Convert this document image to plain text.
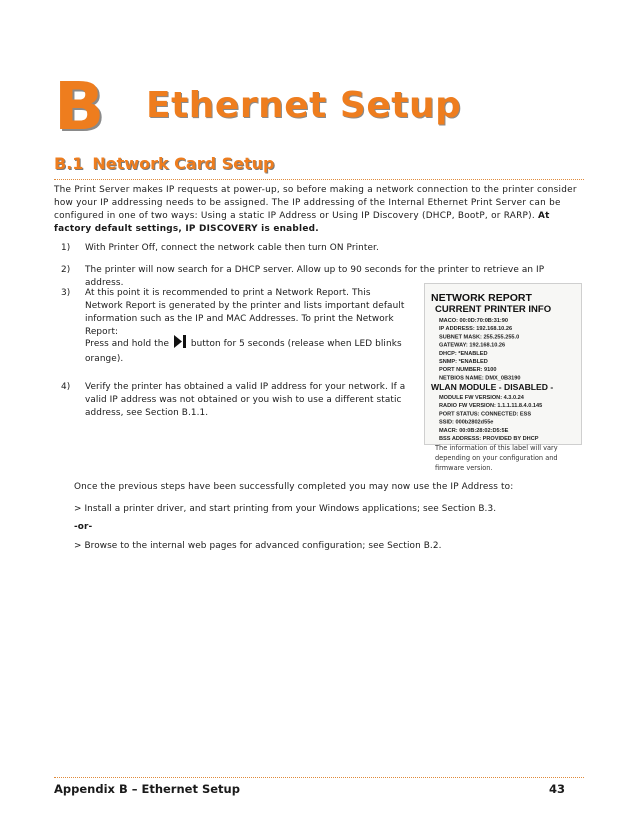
B Ethernet Setup
B.1 Network Card Setup
The Print Server makes IP requests at power-up, so before making a network connection to the printer consider how your IP addressing needs to be assigned. The IP addressing of the Internal Ethernet Print Server can be configured in one of two ways: Using a static IP Address or Using IP Discovery (DHCP, BootP, or RARP). At factory default settings, IP DISCOVERY is enabled.
1) With Printer Off, connect the network cable then turn ON Printer.
2) The printer will now search for a DHCP server. Allow up to 90 seconds for the printer to retrieve an IP address.
3) At this point it is recommended to print a Network Report. This Network Report is generated by the printer and lists important default information such as the IP and MAC Addresses. To print the Network Report:
Press and hold the button for 5 seconds (release when LED blinks orange).
NETWORK REPORT
CURRENT PRINTER INFO
MACO: 00:0D:70:0B:31:90
IP ADDRESS: 192.168.10.26
SUBNET MASK: 255.255.255.0
GATEWAY: 192.168.10.26
DHCP: *ENABLED
SNMP: *ENABLED
PORT NUMBER: 9100
NETBIOS NAME: DMX_0B3190
WLAN MODULE - DISABLED -
MODULE FW VERSION: 4.3.0.24
RADIO FW VERSION: 1.1.1.11.8.4.0.145
PORT STATUS: CONNECTED: ESS
SSID: 000b2802d55e
MACR: 00:0B:28:02:D5:5E
BSS ADDRESS: PROVIDED BY DHCP
The information of this label will vary depending on your configuration and firmware version.
4) Verify the printer has obtained a valid IP address for your network. If a valid IP address was not obtained or you wish to use a different static address, see Section B.1.1.
Once the previous steps have been successfully completed you may now use the IP Address to:
> Install a printer driver, and start printing from your Windows applications; see Section B.3.
-or-
> Browse to the internal web pages for advanced configuration; see Section B.2.
Appendix B – Ethernet Setup	43
